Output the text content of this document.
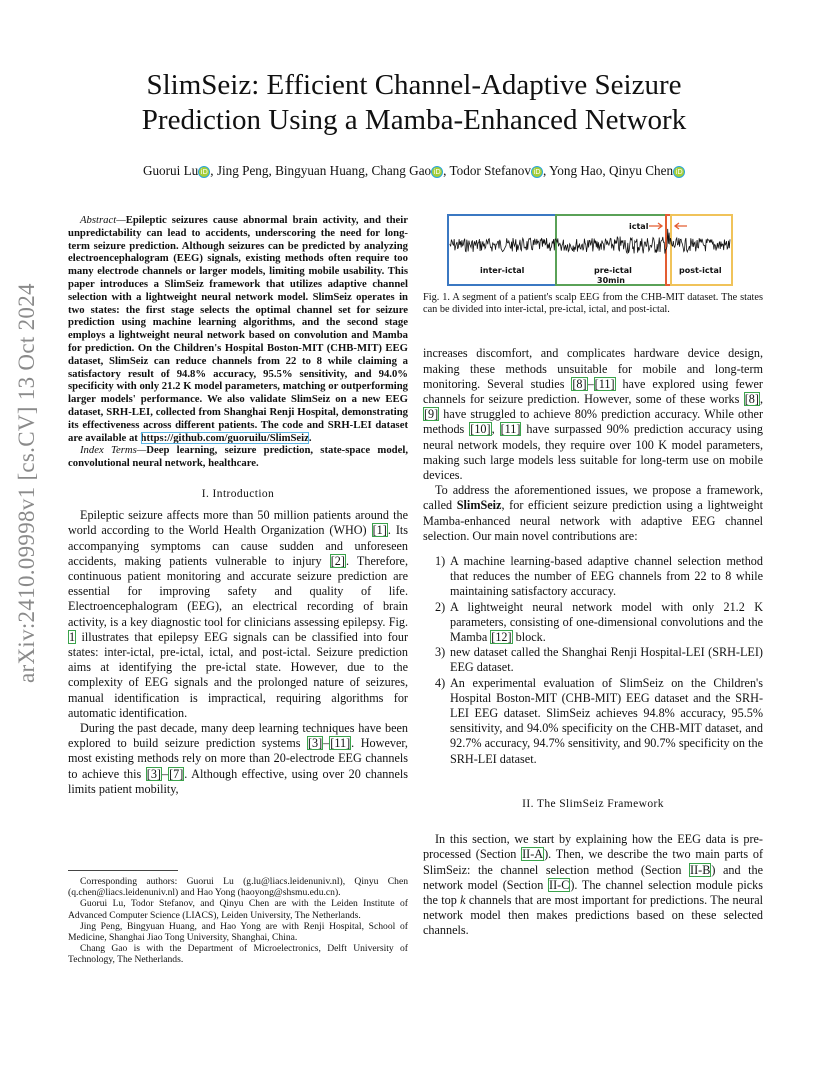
arXiv:2410.09998v1 [cs.CV] 13 Oct 2024
SlimSeiz: Efficient Channel-Adaptive Seizure
Prediction Using a Mamba-Enhanced Network
Guorui Lu iD , Jing Peng, Bingyuan Huang, Chang Gao iD , Todor Stefanov iD , Yong Hao, Qinyu Chen iD

Abstract—Epileptic seizures cause abnormal brain activity, and their unpredictability can lead to accidents, underscoring the need for long-term seizure prediction. Although seizures can be predicted by analyzing electroencephalogram (EEG) signals, existing methods often require too many electrode channels or larger models, limiting mobile usability. This paper introduces a SlimSeiz framework that utilizes adaptive channel selection with a lightweight neural network model. SlimSeiz operates in two states: the first stage selects the optimal channel set for seizure prediction using machine learning algorithms, and the second stage employs a lightweight neural network based on convolution and Mamba for prediction. On the Children's Hospital Boston-MIT (CHB-MIT) EEG dataset, SlimSeiz can reduce channels from 22 to 8 while claiming a satisfactory result of 94.8% accuracy, 95.5% sensitivity, and 94.0% specificity with only 21.2 K model parameters, matching or outperforming larger models' performance. We also validate SlimSeiz on a new EEG dataset, SRH-LEI, collected from Shanghai Renji Hospital, demonstrating its effectiveness across different patients. The code and SRH-LEI dataset are available at https://github.com/guoruilu/SlimSeiz.

Index Terms—Deep learning, seizure prediction, state-space model, convolutional neural network, healthcare.

I. Introduction

Epileptic seizure affects more than 50 million patients around the world according to the World Health Organization (WHO) [1]. Its accompanying symptoms can cause sudden and unforeseen accidents, making patients vulnerable to injury [2]. Therefore, continuous patient monitoring and accurate seizure prediction are essential for improving safety and quality of life. Electroencephalogram (EEG), an electrical recording of brain activity, is a key diagnostic tool for clinicians assessing epilepsy. Fig. 1 illustrates that epilepsy EEG signals can be classified into four states: inter-ictal, pre-ictal, ictal, and post-ictal. Seizure prediction aims at identifying the pre-ictal state. However, due to the complexity of EEG signals and the prolonged nature of seizures, manual identification is impractical, requiring algorithms for automatic identification.

During the past decade, many deep learning techniques have been explored to build seizure prediction systems [3]–[11]. However, most existing methods rely on more than 20-electrode EEG channels to achieve this [3]–[7]. Although effective, using over 20 channels limits patient mobility,

Corresponding authors: Guorui Lu (g.lu@liacs.leidenuniv.nl), Qinyu Chen (q.chen@liacs.leidenuniv.nl) and Hao Yong (haoyong@shsmu.edu.cn).

Guorui Lu, Todor Stefanov, and Qinyu Chen are with the Leiden Institute of Advanced Computer Science (LIACS), Leiden University, The Netherlands.

Jing Peng, Bingyuan Huang, and Hao Yong are with Renji Hospital, School of Medicine, Shanghai Jiao Tong University, Shanghai, China.

Chang Gao is with the Department of Microelectronics, Delft University of Technology, The Netherlands.

ictal
inter-ictal	pre-ictal
30min
post-ictal

Fig. 1. A segment of a patient's scalp EEG from the CHB-MIT dataset. The states can be divided into inter-ictal, pre-ictal, ictal, and post-ictal.

increases discomfort, and complicates hardware device design, making these methods unsuitable for mobile and long-term monitoring. Several studies [8]–[11] have explored using fewer channels for seizure prediction. However, some of these works [8], [9] have struggled to achieve 80% prediction accuracy. While other methods [10], [11] have surpassed 90% prediction accuracy using neural network models, they require over 100 K model parameters, making such large models less suitable for long-term use on mobile devices.

To address the aforementioned issues, we propose a framework, called SlimSeiz, for efficient seizure prediction using a lightweight Mamba-enhanced neural network with adaptive EEG channel selection. Our main novel contributions are:

1) A machine learning-based adaptive channel selection method that reduces the number of EEG channels from 22 to 8 while maintaining satisfactory accuracy.
2) A lightweight neural network model with only 21.2 K parameters, consisting of one-dimensional convolutions and the Mamba [12] block.
3) new dataset called the Shanghai Renji Hospital-LEI (SRH-LEI) EEG dataset.
4) An experimental evaluation of SlimSeiz on the Children's Hospital Boston-MIT (CHB-MIT) EEG dataset and the SRH-LEI EEG dataset. SlimSeiz achieves 94.8% accuracy, 95.5% sensitivity, and 94.0% specificity on the CHB-MIT dataset, and 92.7% accuracy, 94.7% sensitivity, and 90.7% specificity on the SRH-LEI dataset.
II. The SlimSeiz Framework

In this section, we start by explaining how the EEG data is pre-processed (Section II-A). Then, we describe the two main parts of SlimSeiz: the channel selection method (Section II-B) and the network model (Section II-C). The channel selection module picks the top k channels that are most important for predictions. The neural network model then makes predictions based on these selected channels.
